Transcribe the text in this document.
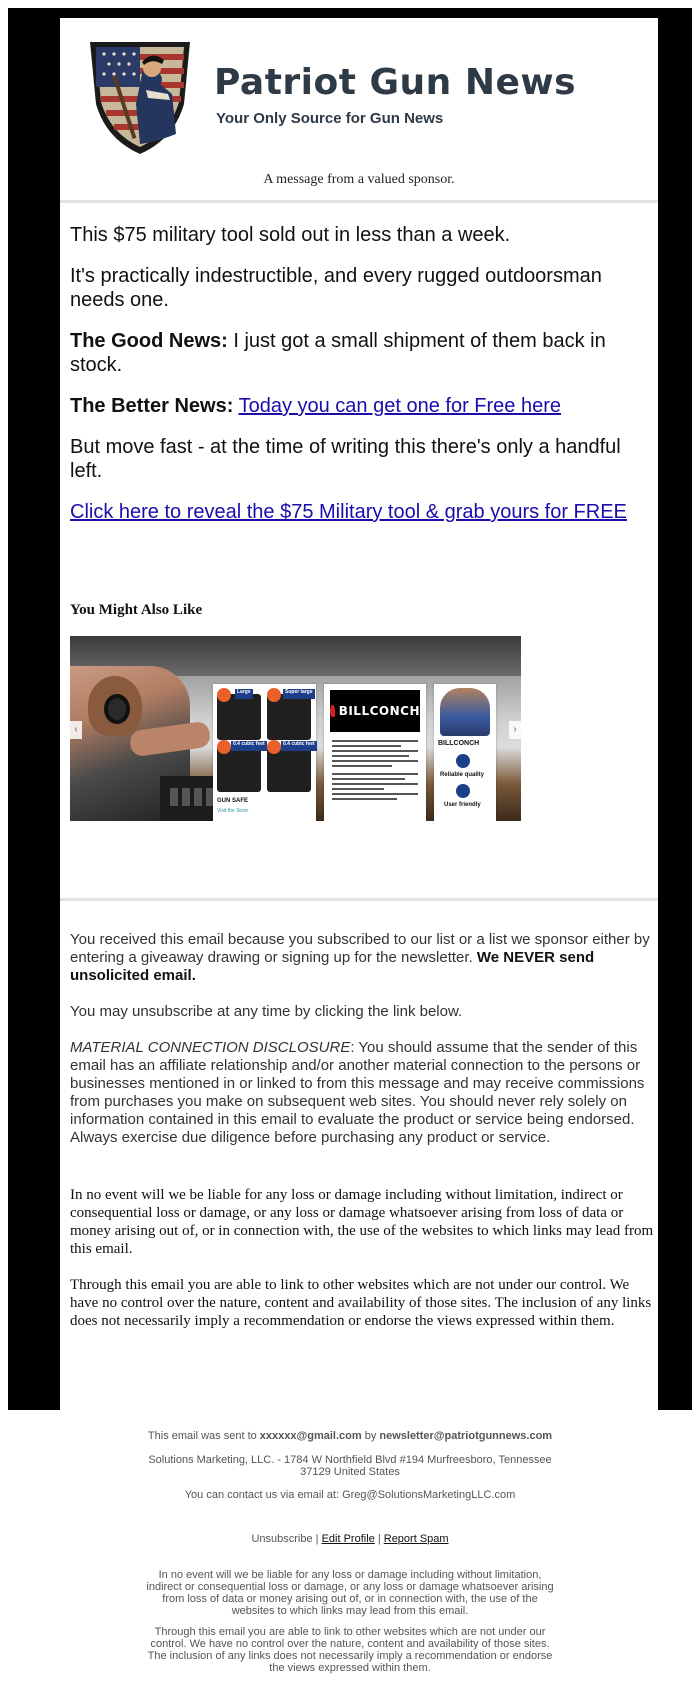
Patriot Gun News
Your Only Source for Gun News
A message from a valued sponsor.

This $75 military tool sold out in less than a week.

It's practically indestructible, and every rugged outdoorsman needs one.

The Good News: I just got a small shipment of them back in stock.

The Better News: Today you can get one for Free here

But move fast - at the time of writing this there's only a handful left.

Click here to reveal the $75 Military tool & grab yours for FREE

You Might Also Like
Large	Super large
0.4 cubic feet	0.4 cubic feet
GUN SAFE
Visit the Store
BILLCONCH
BILLCONCH
Reliable quality
User friendly
‹	›
You received this email because you subscribed to our list or a list we sponsor either by entering a giveaway drawing or signing up for the newsletter. We NEVER send unsolicited email.
You may unsubscribe at any time by clicking the link below.
MATERIAL CONNECTION DISCLOSURE: You should assume that the sender of this email has an affiliate relationship and/or another material connection to the persons or businesses mentioned in or linked to from this message and may receive commissions from purchases you make on subsequent web sites. You should never rely solely on information contained in this email to evaluate the product or service being endorsed. Always exercise due diligence before purchasing any product or service.
In no event will we be liable for any loss or damage including without limitation, indirect or consequential loss or damage, or any loss or damage whatsoever arising from loss of data or money arising out of, or in connection with, the use of the websites to which links may lead from this email.
Through this email you are able to link to other websites which are not under our control. We have no control over the nature, content and availability of those sites. The inclusion of any links does not necessarily imply a recommendation or endorse the views expressed within them.
This email was sent to xxxxxx@gmail.com by newsletter@patriotgunnews.com
Solutions Marketing, LLC. - 1784 W Northfield Blvd #194 Murfreesboro, Tennessee 37129 United States
You can contact us via email at: Greg@SolutionsMarketingLLC.com
Unsubscribe | Edit Profile | Report Spam
In no event will we be liable for any loss or damage including without limitation, indirect or consequential loss or damage, or any loss or damage whatsoever arising from loss of data or money arising out of, or in connection with, the use of the websites to which links may lead from this email.
Through this email you are able to link to other websites which are not under our control. We have no control over the nature, content and availability of those sites. The inclusion of any links does not necessarily imply a recommendation or endorse the views expressed within them.
